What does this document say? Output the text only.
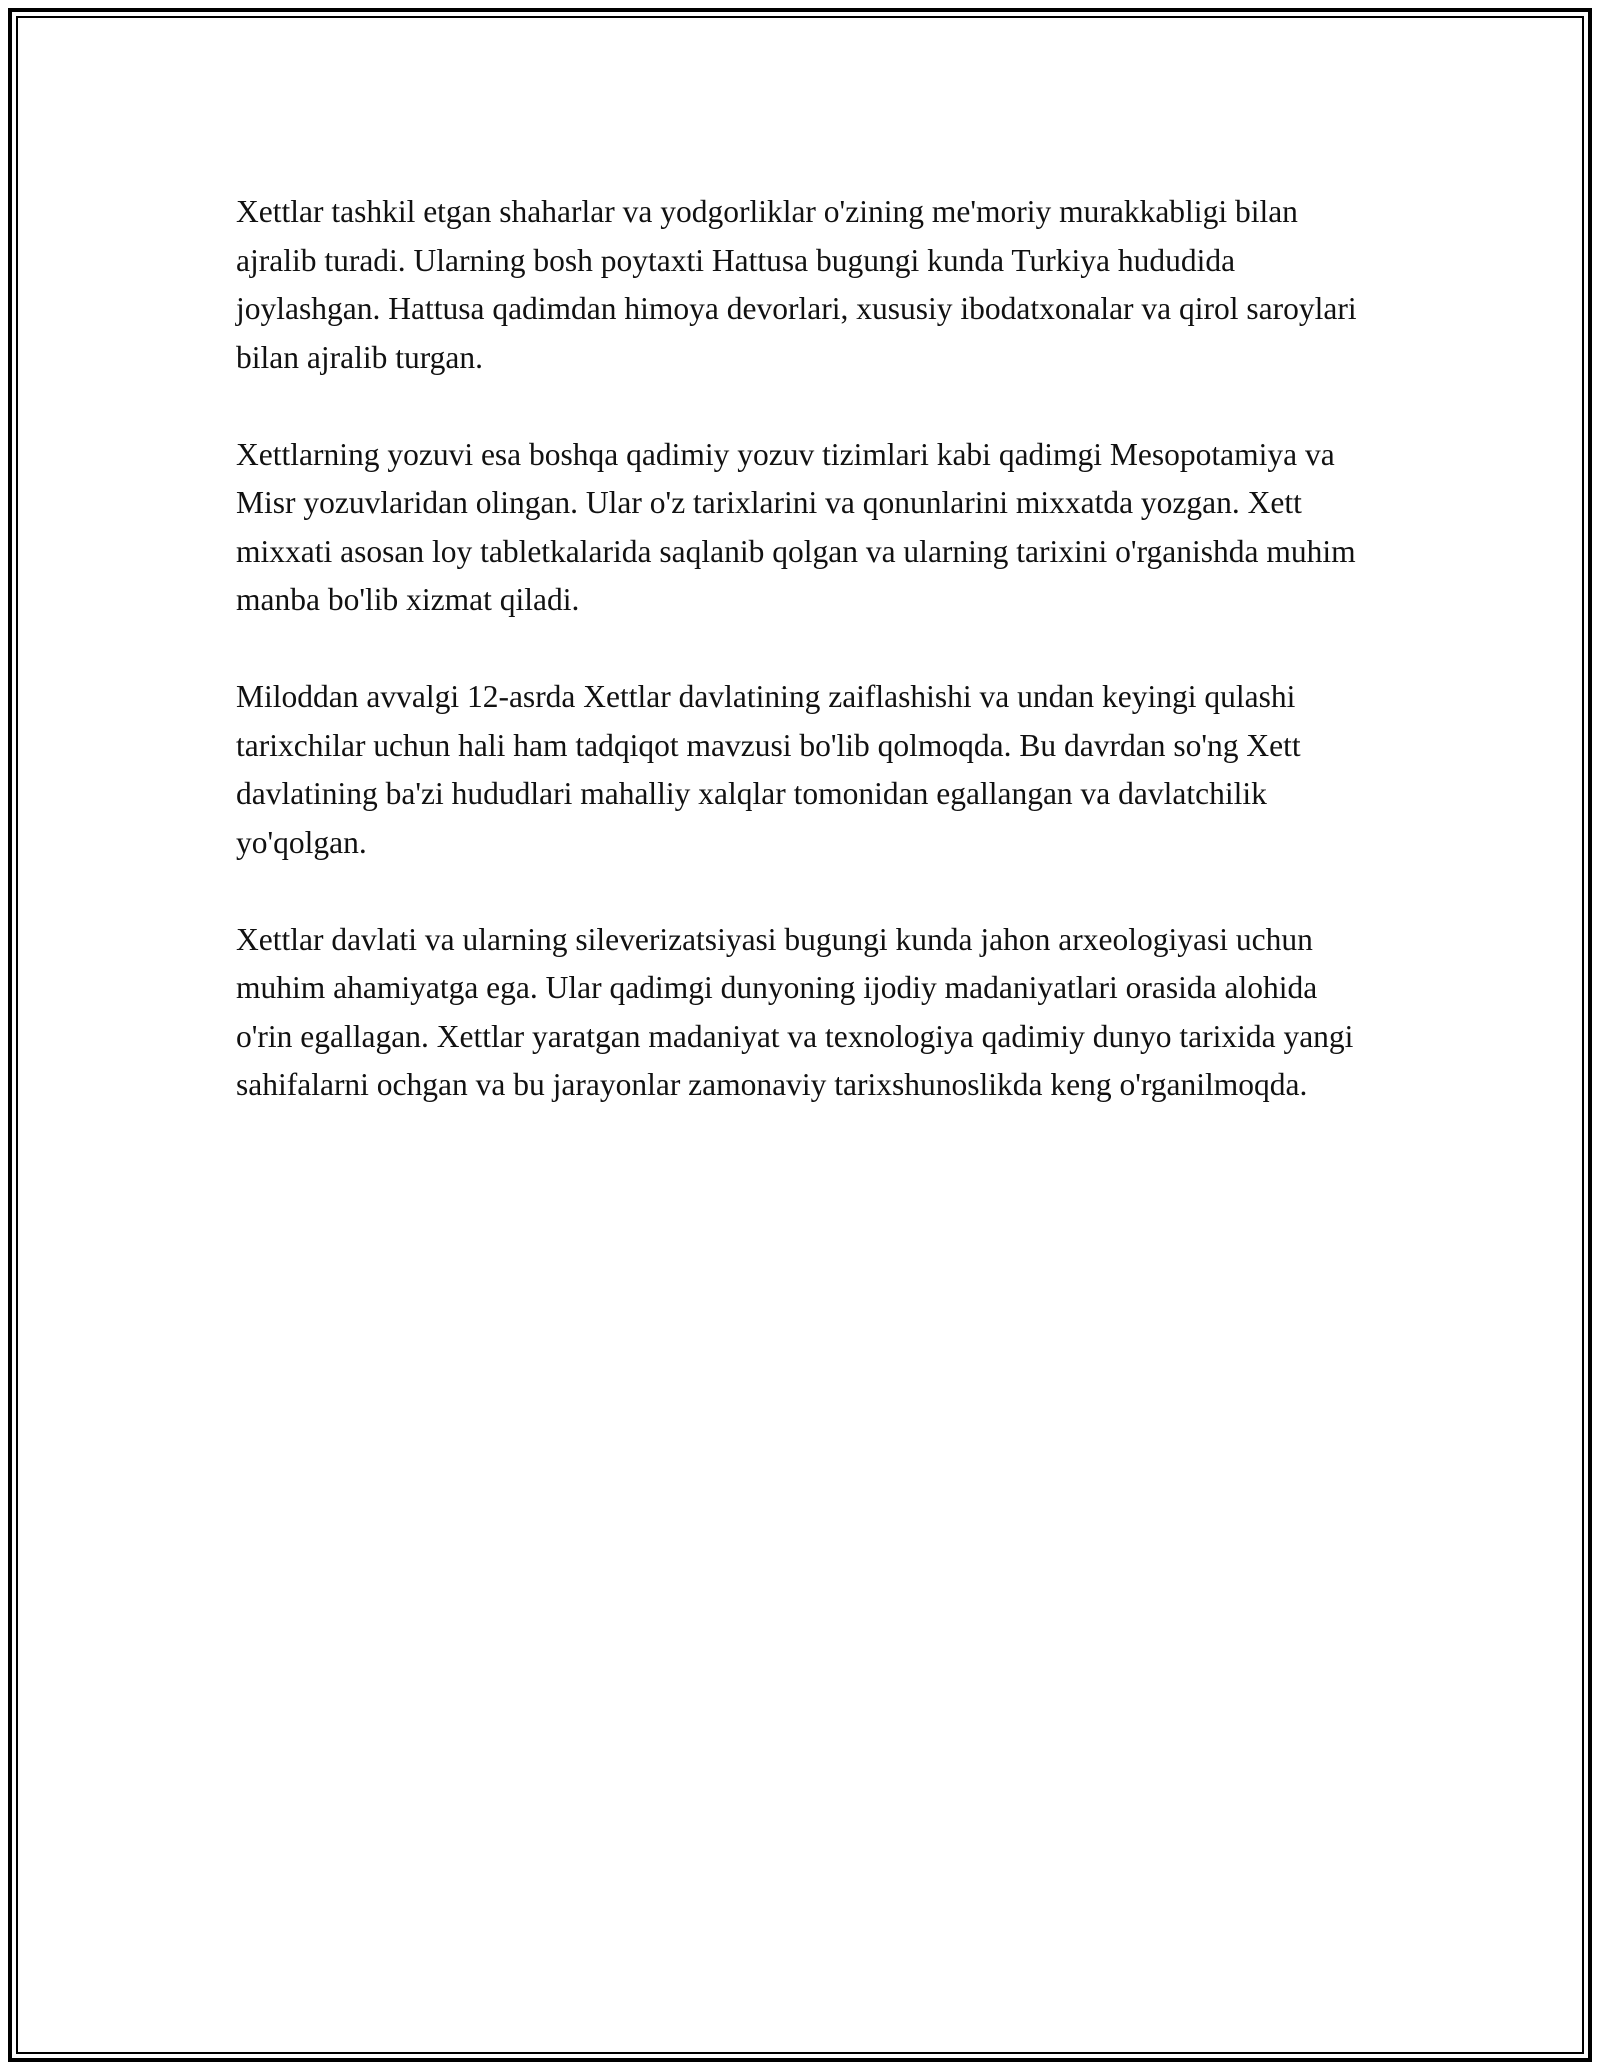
Xettlar tashkil etgan shaharlar va yodgorliklar o'zining me'moriy murakkabligi bilan ajralib turadi. Ularning bosh poytaxti Hattusa bugungi kunda Turkiya hududida joylashgan. Hattusa qadimdan himoya devorlari, xususiy ibodatxonalar va qirol saroylari bilan ajralib turgan.

Xettlarning yozuvi esa boshqa qadimiy yozuv tizimlari kabi qadimgi Mesopotamiya va Misr yozuvlaridan olingan. Ular o'z tarixlarini va qonunlarini mixxatda yozgan. Xett mixxati asosan loy tabletkalarida saqlanib qolgan va ularning tarixini o'rganishda muhim manba bo'lib xizmat qiladi.

Miloddan avvalgi 12-asrda Xettlar davlatining zaiflashishi va undan keyingi qulashi tarixchilar uchun hali ham tadqiqot mavzusi bo'lib qolmoqda. Bu davrdan so'ng Xett davlatining ba'zi hududlari mahalliy xalqlar tomonidan egallangan va davlatchilik yo'qolgan.

Xettlar davlati va ularning sileverizatsiyasi bugungi kunda jahon arxeologiyasi uchun muhim ahamiyatga ega. Ular qadimgi dunyoning ijodiy madaniyatlari orasida alohida o'rin egallagan. Xettlar yaratgan madaniyat va texnologiya qadimiy dunyo tarixida yangi sahifalarni ochgan va bu jarayonlar zamonaviy tarixshunoslikda keng o'rganilmoqda.
